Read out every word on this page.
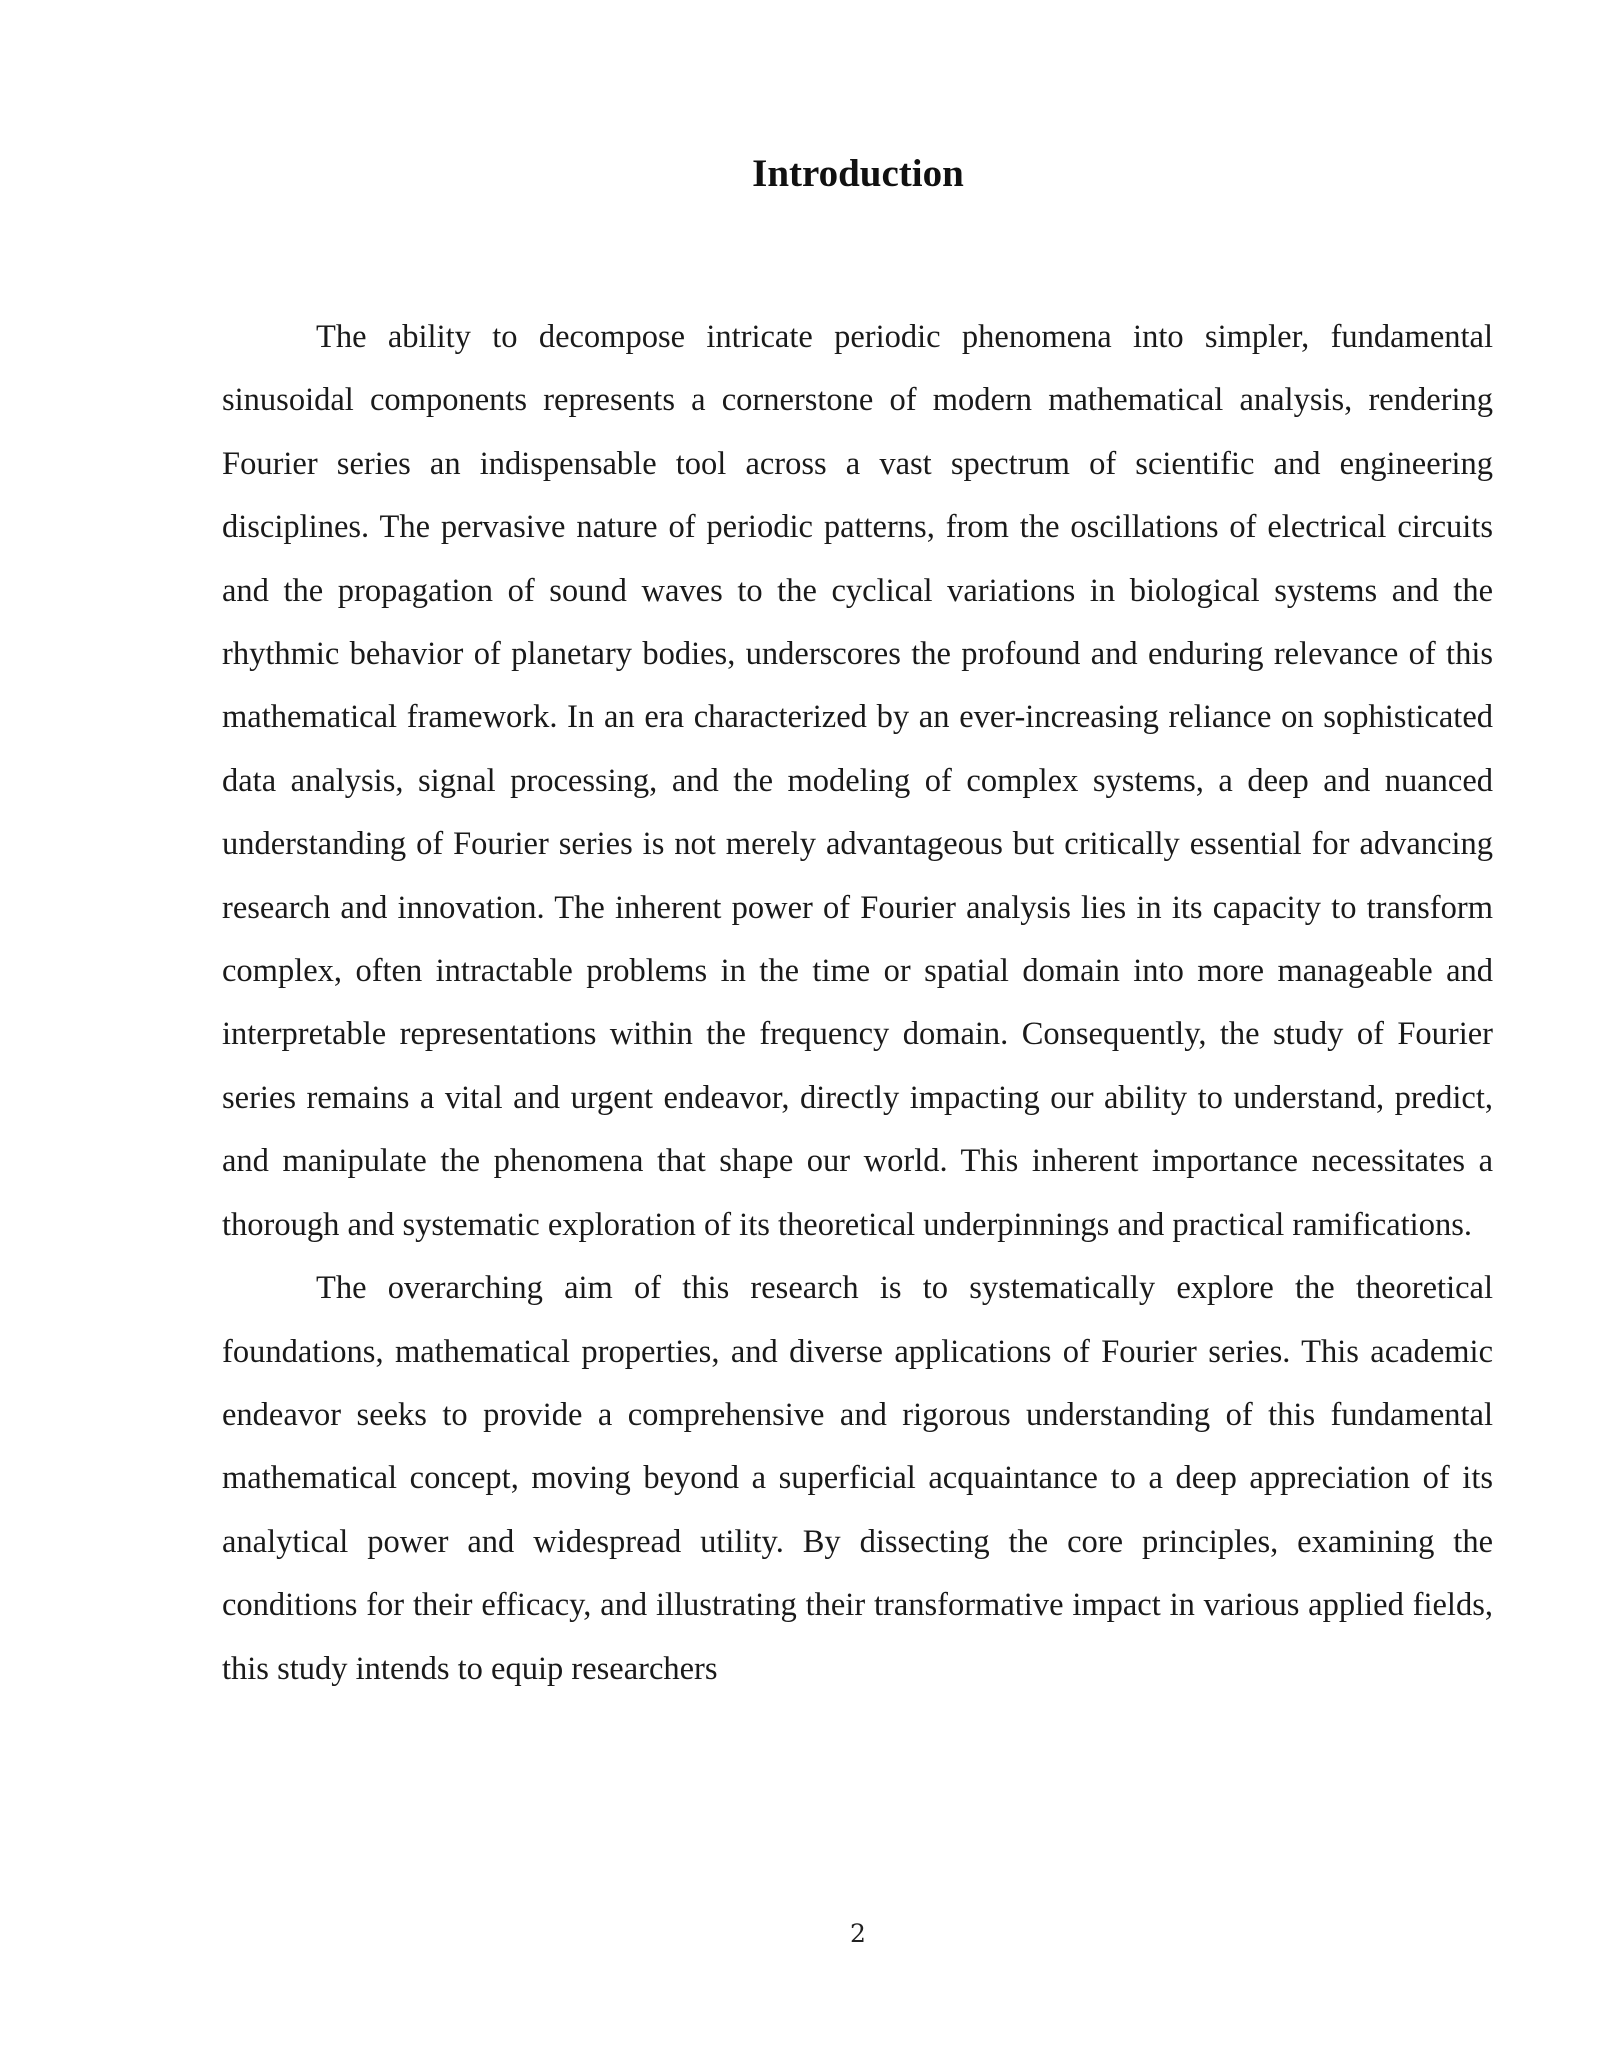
Introduction

The ability to decompose intricate periodic phenomena into simpler, fundamental sinusoidal components represents a cornerstone of modern mathematical analysis, rendering Fourier series an indispensable tool across a vast spectrum of scientific and engineering disciplines. The pervasive nature of periodic patterns, from the oscillations of electrical circuits and the propagation of sound waves to the cyclical variations in biological systems and the rhythmic behavior of planetary bodies, underscores the profound and enduring relevance of this mathematical framework. In an era characterized by an ever-increasing reliance on sophisticated data analysis, signal processing, and the modeling of complex systems, a deep and nuanced understanding of Fourier series is not merely advantageous but critically essential for advancing research and innovation. The inherent power of Fourier analysis lies in its capacity to transform complex, often intractable problems in the time or spatial domain into more manageable and interpretable representations within the frequency domain. Consequently, the study of Fourier series remains a vital and urgent endeavor, directly impacting our ability to understand, predict, and manipulate the phenomena that shape our world. This inherent importance necessitates a thorough and systematic exploration of its theoretical underpinnings and practical ramifications.

The overarching aim of this research is to systematically explore the theoretical foundations, mathematical properties, and diverse applications of Fourier series. This academic endeavor seeks to provide a comprehensive and rigorous understanding of this fundamental mathematical concept, moving beyond a superficial acquaintance to a deep appreciation of its analytical power and widespread utility. By dissecting the core principles, examining the conditions for their efficacy, and illustrating their transformative impact in various applied fields, this study intends to equip researchers

2
